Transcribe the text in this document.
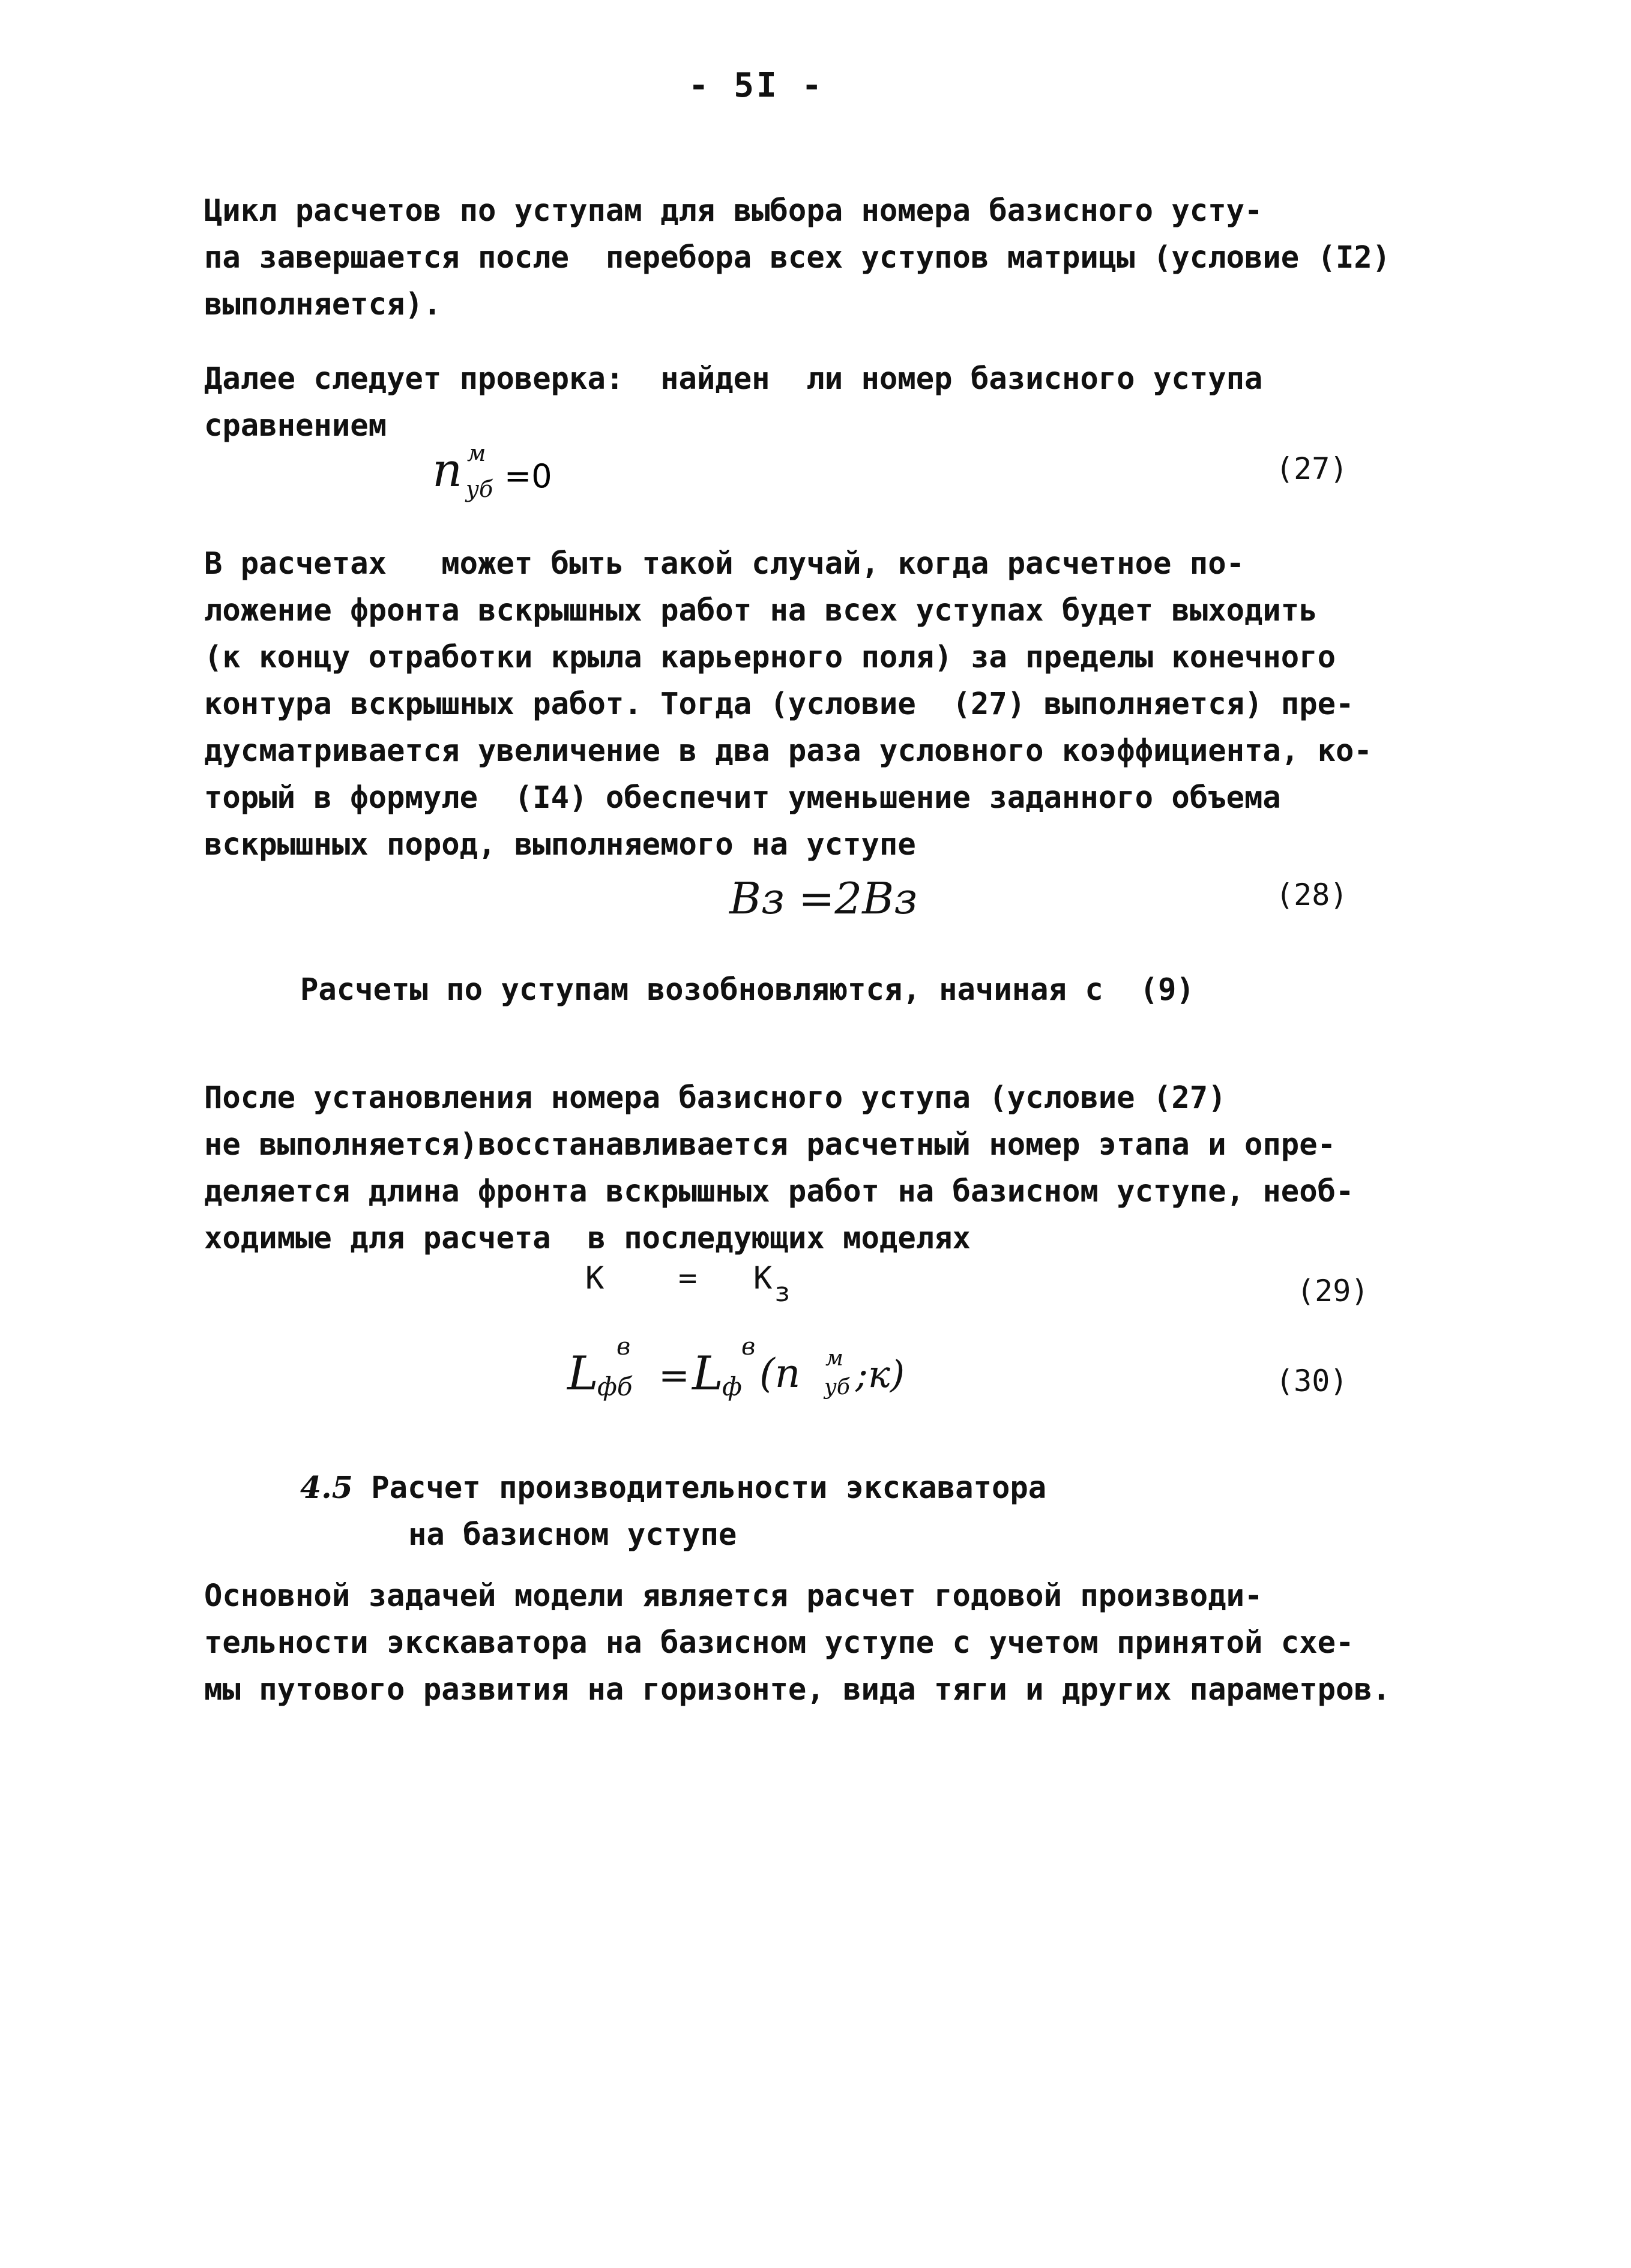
- 5I -
Цикл расчетов по уступам для выбора номера базисного усту-
па завершается после  перебора всех уступов матрицы (условие (I2)
выполняется).
Далее следует проверка:  найден  ли номер базисного уступа
сравнением
n м
уб =0	(27)
В расчетах   может быть такой случай, когда расчетное по-
ложение фронта вскрышных работ на всех уступах будет выходить
(к концу отработки крыла карьерного поля) за пределы конечного
контура вскрышных работ. Тогда (условие  (27) выполняется) пре-
дусматривается увеличение в два раза условного коэффициента, ко-
торый в формуле  (I4) обеспечит уменьшение заданного объема
вскрышных пород, выполняемого на уступе
Вз =2Вз	(28)
Расчеты по уступам возобновляются, начиная с  (9)
После установления номера базисного уступа (условие (27)
не выполняется)восстанавливается расчетный номер этапа и опре-
деляется длина фронта вскрышных работ на базисном уступе, необ-
ходимые для расчета  в последующих моделях
К = К з	(29)
L в
фб = L в
ф (n м
уб ;к)	(30)
4.5 Расчет производительности экскаватора
на базисном уступе
Основной задачей модели является расчет годовой производи-
тельности экскаватора на базисном уступе с учетом принятой схе-
мы путового развития на горизонте, вида тяги и других параметров.
